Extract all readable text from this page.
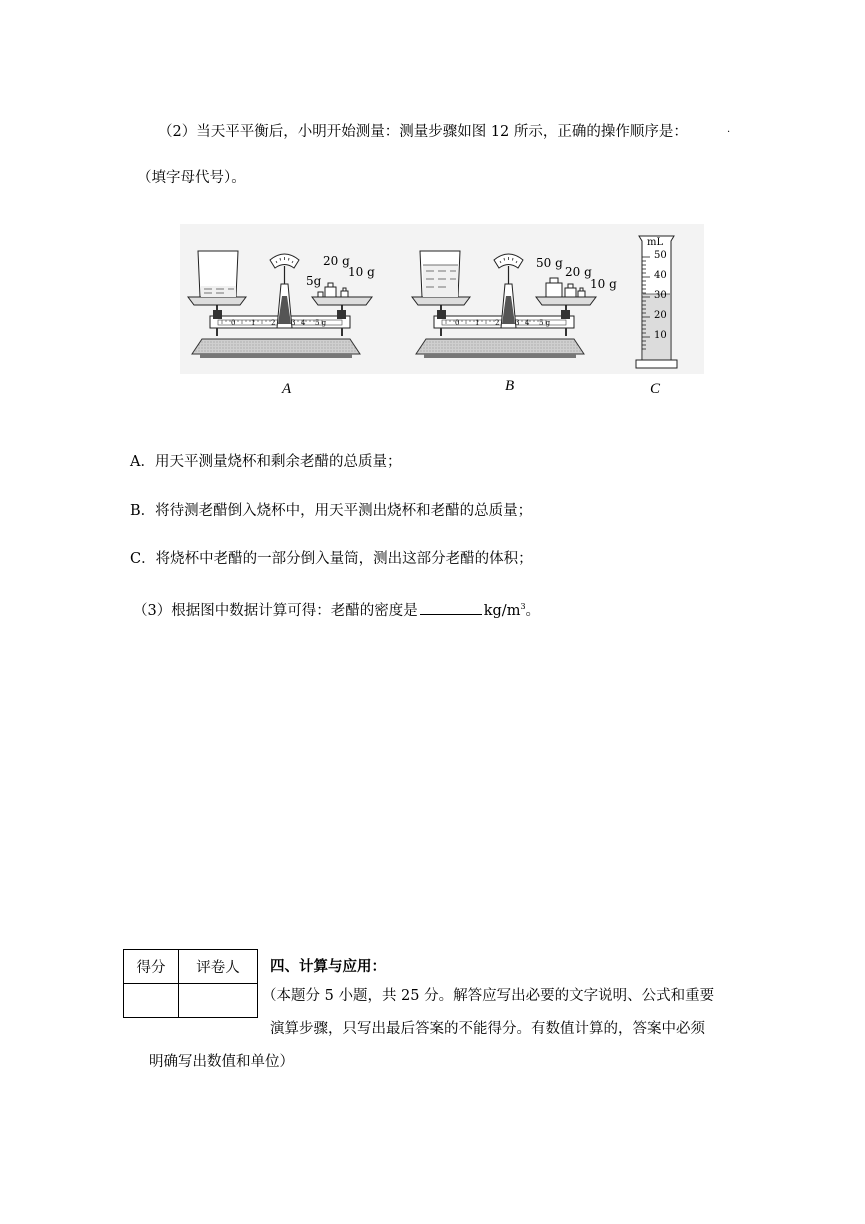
（2）当天平平衡后，小明开始测量：测量步骤如图 12 所示，正确的操作顺序是：	.
（填字母代号）。
20 g
10 g
5g
0 1 2 3 4 5 g
50 g
20 g
10 g
0 1 2 3 4 5 g
mL
50
40
30
20
10
A	B	C
A．用天平测量烧杯和剩余老醋的总质量；
B．将待测老醋倒入烧杯中，用天平测出烧杯和老醋的总质量；
C．将烧杯中老醋的一部分倒入量筒，测出这部分老醋的体积；
（3）根据图中数据计算可得：老醋的密度是	$kg/m^3$。
得分	评卷人
	四、计算与应用：
（本题分 5 小题，共 25 分。解答应写出必要的文字说明、公式和重要
演算步骤，只写出最后答案的不能得分。有数值计算的，答案中必须
明确写出数值和单位）
